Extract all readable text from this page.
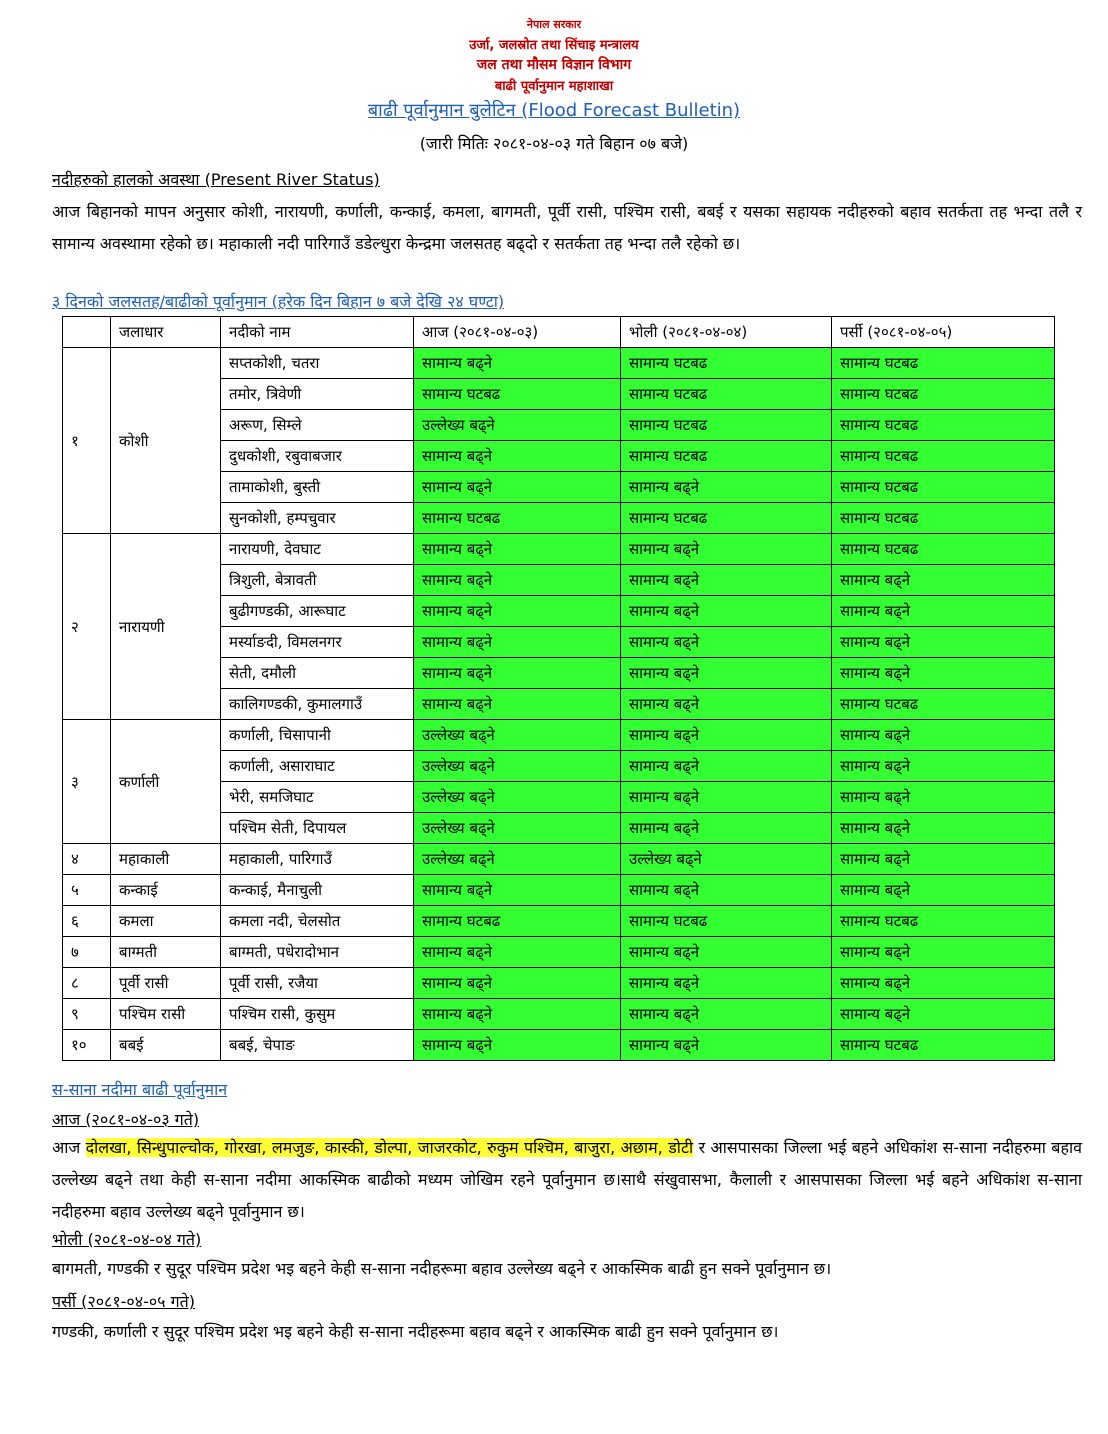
नेपाल सरकार
उर्जा, जलस्रोत तथा सिंचाइ मन्त्रालय
जल तथा मौसम विज्ञान विभाग
बाढी पूर्वानुमान महाशाखा
बाढी पूर्वानुमान बुलेटिन (Flood Forecast Bulletin)
(जारी मितिः २०८१-०४-०३ गते बिहान ०७ बजे)
नदीहरुको हालको अवस्था (Present River Status)
आज बिहानको मापन अनुसार कोशी, नारायणी, कर्णाली, कन्काई, कमला, बागमती, पूर्वी रासी, पश्चिम रासी, बबई र यसका सहायक नदीहरुको बहाव सतर्कता तह भन्दा तलै र सामान्य अवस्थामा रहेको छ। महाकाली नदी पारिगाउँ डडेल्धुरा केन्द्रमा जलसतह बढ्दो र सतर्कता तह भन्दा तलै रहेको छ।
३ दिनको जलसतह/बाढीको पूर्वानुमान (हरेक दिन बिहान ७ बजे देखि २४ घण्टा)
	जलाधार	नदीको नाम	आज (२०८१-०४-०३)	भोली (२०८१-०४-०४)	पर्सी (२०८१-०४-०५)
१	कोशी	सप्तकोशी, चतरा	सामान्य बढ्ने	सामान्य घटबढ	सामान्य घटबढ
		तमोर, त्रिवेणी	सामान्य घटबढ	सामान्य घटबढ	सामान्य घटबढ
		अरूण, सिम्ले	उल्लेख्य बढ्ने	सामान्य घटबढ	सामान्य घटबढ
		दुधकोशी, रबुवाबजार	सामान्य बढ्ने	सामान्य घटबढ	सामान्य घटबढ
		तामाकोशी, बुस्ती	सामान्य बढ्ने	सामान्य बढ्ने	सामान्य घटबढ
		सुनकोशी, हम्पचुवार	सामान्य घटबढ	सामान्य घटबढ	सामान्य घटबढ
२	नारायणी	नारायणी, देवघाट	सामान्य बढ्ने	सामान्य बढ्ने	सामान्य घटबढ
		त्रिशुली, बेत्रावती	सामान्य बढ्ने	सामान्य बढ्ने	सामान्य बढ्ने
		बुढीगण्डकी, आरूघाट	सामान्य बढ्ने	सामान्य बढ्ने	सामान्य बढ्ने
		मर्स्याङदी, विमलनगर	सामान्य बढ्ने	सामान्य बढ्ने	सामान्य बढ्ने
		सेती, दमौली	सामान्य बढ्ने	सामान्य बढ्ने	सामान्य बढ्ने
		कालिगण्डकी, कुमालगाउँ	सामान्य बढ्ने	सामान्य बढ्ने	सामान्य घटबढ
३	कर्णाली	कर्णाली, चिसापानी	उल्लेख्य बढ्ने	सामान्य बढ्ने	सामान्य बढ्ने
		कर्णाली, असाराघाट	उल्लेख्य बढ्ने	सामान्य बढ्ने	सामान्य बढ्ने
		भेरी, समजिघाट	उल्लेख्य बढ्ने	सामान्य बढ्ने	सामान्य बढ्ने
		पश्चिम सेती, दिपायल	उल्लेख्य बढ्ने	सामान्य बढ्ने	सामान्य बढ्ने
४	महाकाली	महाकाली, पारिगाउँ	उल्लेख्य बढ्ने	उल्लेख्य बढ्ने	सामान्य बढ्ने
५	कन्काई	कन्काई, मैनाचुली	सामान्य बढ्ने	सामान्य बढ्ने	सामान्य बढ्ने
६	कमला	कमला नदी, चेलसोत	सामान्य घटबढ	सामान्य घटबढ	सामान्य घटबढ
७	बाग्मती	बाग्मती, पधेरादोभान	सामान्य बढ्ने	सामान्य बढ्ने	सामान्य बढ्ने
८	पूर्वी रासी	पूर्वी रासी, रजैया	सामान्य बढ्ने	सामान्य बढ्ने	सामान्य बढ्ने
९	पश्चिम रासी	पश्चिम रासी, कुसुम	सामान्य बढ्ने	सामान्य बढ्ने	सामान्य बढ्ने
१०	बबई	बबई, चेपाङ	सामान्य बढ्ने	सामान्य बढ्ने	सामान्य घटबढ
स-साना नदीमा बाढी पूर्वानुमान
आज (२०८१-०४-०३ गते)
आज दोलखा, सिन्धुपाल्चोक, गोरखा, लमजुङ, कास्की, डोल्पा, जाजरकोट, रुकुम पश्चिम, बाजुरा, अछाम, डोटी र आसपासका जिल्ला भई बहने अधिकांश स-साना नदीहरुमा बहाव उल्लेख्य बढ्ने तथा केही स-साना नदीमा आकस्मिक बाढीको मध्यम जोखिम रहने पूर्वानुमान छ।साथै संखुवासभा, कैलाली र आसपासका जिल्ला भई बहने अधिकांश स-साना नदीहरुमा बहाव उल्लेख्य बढ्ने पूर्वानुमान छ।
भोली (२०८१-०४-०४ गते)
बागमती, गण्डकी र सुदूर पश्चिम प्रदेश भइ बहने केही स-साना नदीहरूमा बहाव उल्लेख्य बढ्ने र आकस्मिक बाढी हुन सक्ने पूर्वानुमान छ।
पर्सी (२०८१-०४-०५ गते)
गण्डकी, कर्णाली र सुदूर पश्चिम प्रदेश भइ बहने केही स-साना नदीहरूमा बहाव बढ्ने र आकस्मिक बाढी हुन सक्ने पूर्वानुमान छ।
